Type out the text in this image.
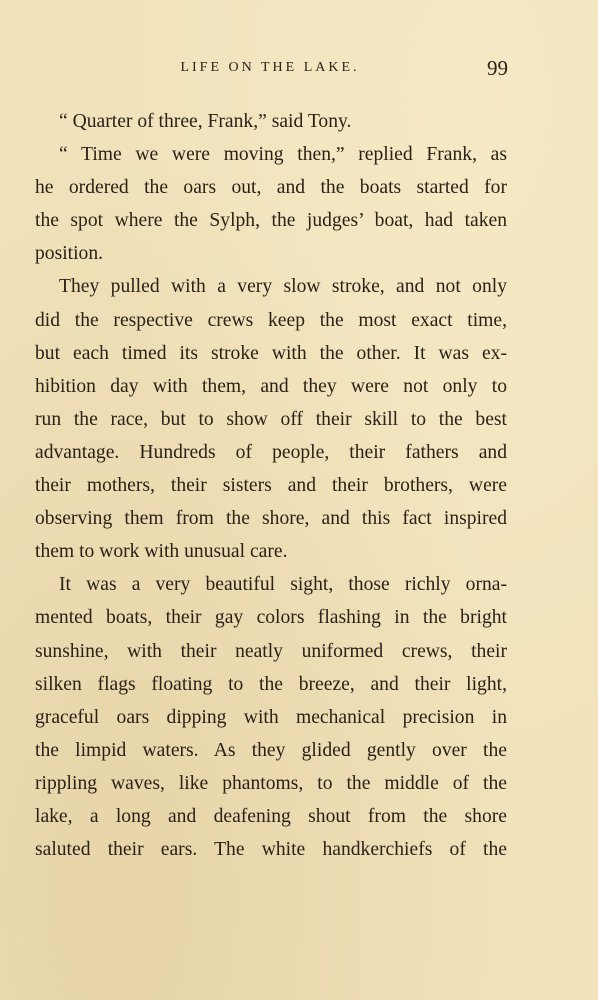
LIFE ON THE LAKE.	99
“ Quarter of three, Frank,” said Tony.
“ Time we were moving then,” replied Frank, as
he ordered the oars out, and the boats started for
the spot where the Sylph, the judges’ boat, had taken
position.
They pulled with a very slow stroke, and not only
did the respective crews keep the most exact time,
but each timed its stroke with the other. It was ex-
hibition day with them, and they were not only to
run the race, but to show off their skill to the best
advantage. Hundreds of people, their fathers and
their mothers, their sisters and their brothers, were
observing them from the shore, and this fact inspired
them to work with unusual care.
It was a very beautiful sight, those richly orna-
mented boats, their gay colors flashing in the bright
sunshine, with their neatly uniformed crews, their
silken flags floating to the breeze, and their light,
graceful oars dipping with mechanical precision in
the limpid waters. As they glided gently over the
rippling waves, like phantoms, to the middle of the
lake, a long and deafening shout from the shore
saluted their ears. The white handkerchiefs of the
